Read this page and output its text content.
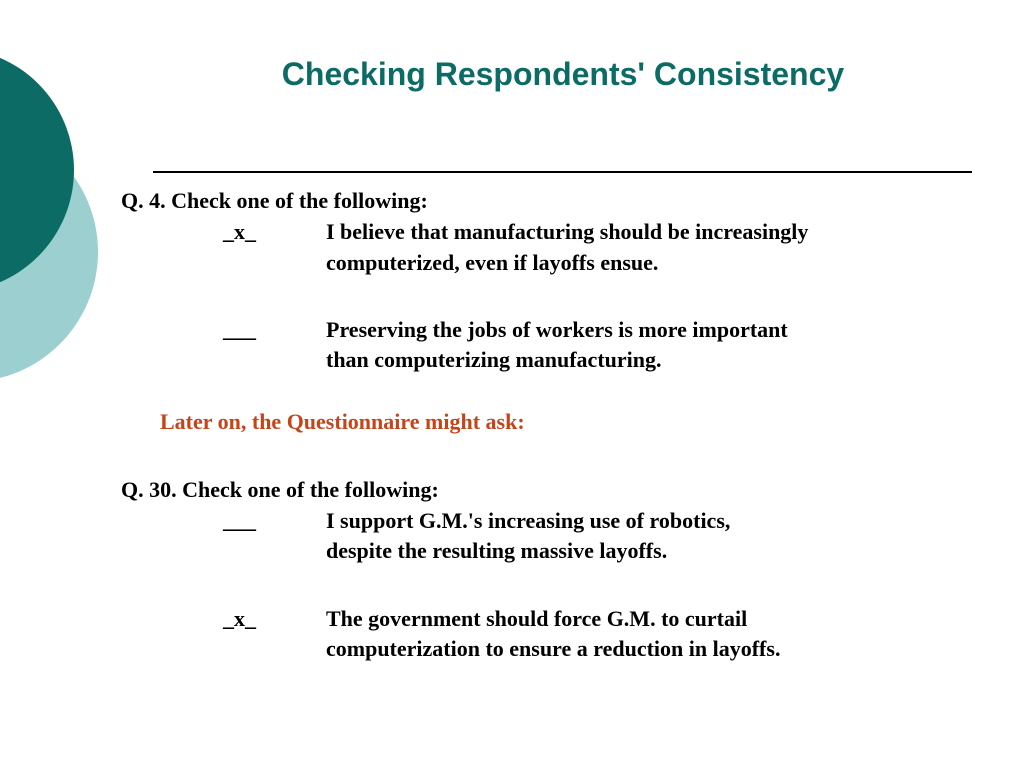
Checking Respondents' Consistency

Q. 4. Check one of the following:

_x_	I believe that manufacturing should be increasingly

computerized, even if layoffs ensue.

___	Preserving the jobs of workers is more important

than computerizing manufacturing.

Later on, the Questionnaire might ask:

Q. 30. Check one of the following:

___	I support G.M.'s increasing use of robotics,

despite the resulting massive layoffs.

_x_	The government should force G.M. to curtail

computerization to ensure a reduction in layoffs.
